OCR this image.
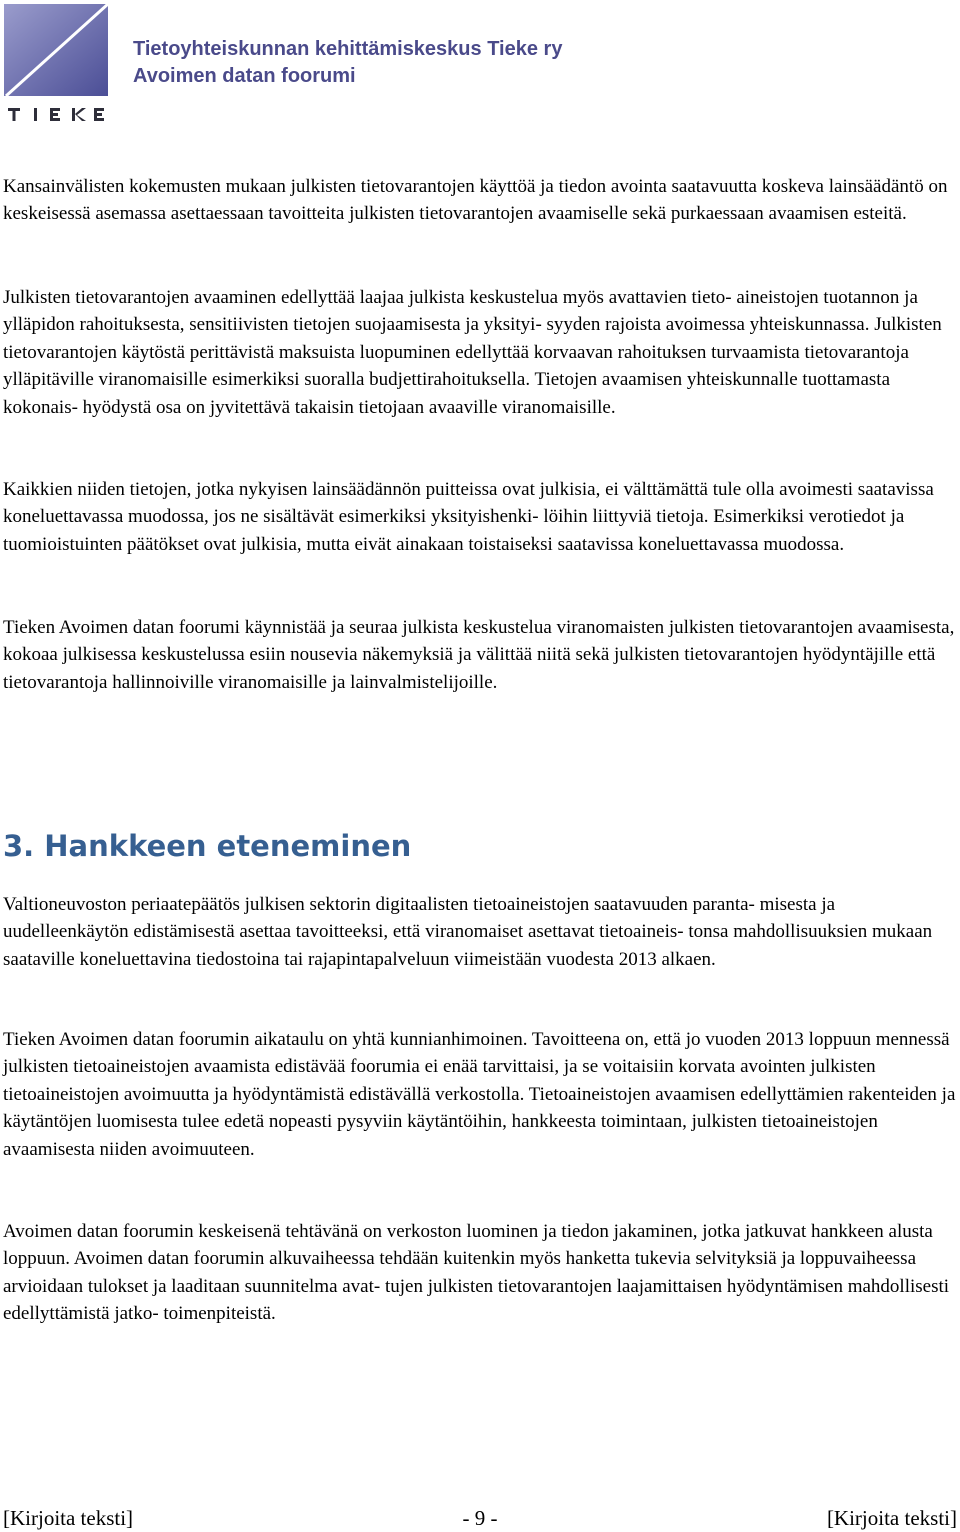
Tietoyhteiskunnan kehittämiskeskus Tieke ry
Avoimen datan foorumi

Kansainvälisten kokemusten mukaan julkisten tietovarantojen käyttöä ja tiedon avointa saatavuutta koskeva lainsäädäntö on keskeisessä asemassa asettaessaan tavoitteita julkisten tietovarantojen avaamiselle sekä purkaessaan avaamisen esteitä.

Julkisten tietovarantojen avaaminen edellyttää laajaa julkista keskustelua myös avattavien tieto- aineistojen tuotannon ja ylläpidon rahoituksesta, sensitiivisten tietojen suojaamisesta ja yksityi- syyden rajoista avoimessa yhteiskunnassa. Julkisten tietovarantojen käytöstä perittävistä maksuista luopuminen edellyttää korvaavan rahoituksen turvaamista tietovarantoja ylläpitäville viranomaisille esimerkiksi suoralla budjettirahoituksella. Tietojen avaamisen yhteiskunnalle tuottamasta kokonais- hyödystä osa on jyvitettävä takaisin tietojaan avaaville viranomaisille.

Kaikkien niiden tietojen, jotka nykyisen lainsäädännön puitteissa ovat julkisia, ei välttämättä tule olla avoimesti saatavissa koneluettavassa muodossa, jos ne sisältävät esimerkiksi yksityishenki- löihin liittyviä tietoja. Esimerkiksi verotiedot ja tuomioistuinten päätökset ovat julkisia, mutta eivät ainakaan toistaiseksi saatavissa koneluettavassa muodossa.

Tieken Avoimen datan foorumi käynnistää ja seuraa julkista keskustelua viranomaisten julkisten tietovarantojen avaamisesta, kokoaa julkisessa keskustelussa esiin nousevia näkemyksiä ja välittää niitä sekä julkisten tietovarantojen hyödyntäjille että tietovarantoja hallinnoiville viranomaisille ja lainvalmistelijoille.

3. Hankkeen eteneminen

Valtioneuvoston periaatepäätös julkisen sektorin digitaalisten tietoaineistojen saatavuuden paranta- misesta ja uudelleenkäytön edistämisestä asettaa tavoitteeksi, että viranomaiset asettavat tietoaineis- tonsa mahdollisuuksien mukaan saataville koneluettavina tiedostoina tai rajapintapalveluun viimeistään vuodesta 2013 alkaen.

Tieken Avoimen datan foorumin aikataulu on yhtä kunnianhimoinen. Tavoitteena on, että jo vuoden 2013 loppuun mennessä julkisten tietoaineistojen avaamista edistävää foorumia ei enää tarvittaisi, ja se voitaisiin korvata avointen julkisten tietoaineistojen avoimuutta ja hyödyntämistä edistävällä verkostolla. Tietoaineistojen avaamisen edellyttämien rakenteiden ja käytäntöjen luomisesta tulee edetä nopeasti pysyviin käytäntöihin, hankkeesta toimintaan, julkisten tietoaineistojen avaamisesta niiden avoimuuteen.

Avoimen datan foorumin keskeisenä tehtävänä on verkoston luominen ja tiedon jakaminen, jotka jatkuvat hankkeen alusta loppuun. Avoimen datan foorumin alkuvaiheessa tehdään kuitenkin myös hanketta tukevia selvityksiä ja loppuvaiheessa arvioidaan tulokset ja laaditaan suunnitelma avat- tujen julkisten tietovarantojen laajamittaisen hyödyntämisen mahdollisesti edellyttämistä jatko- toimenpiteistä.

[Kirjoita teksti]	- 9 -	[Kirjoita teksti]
